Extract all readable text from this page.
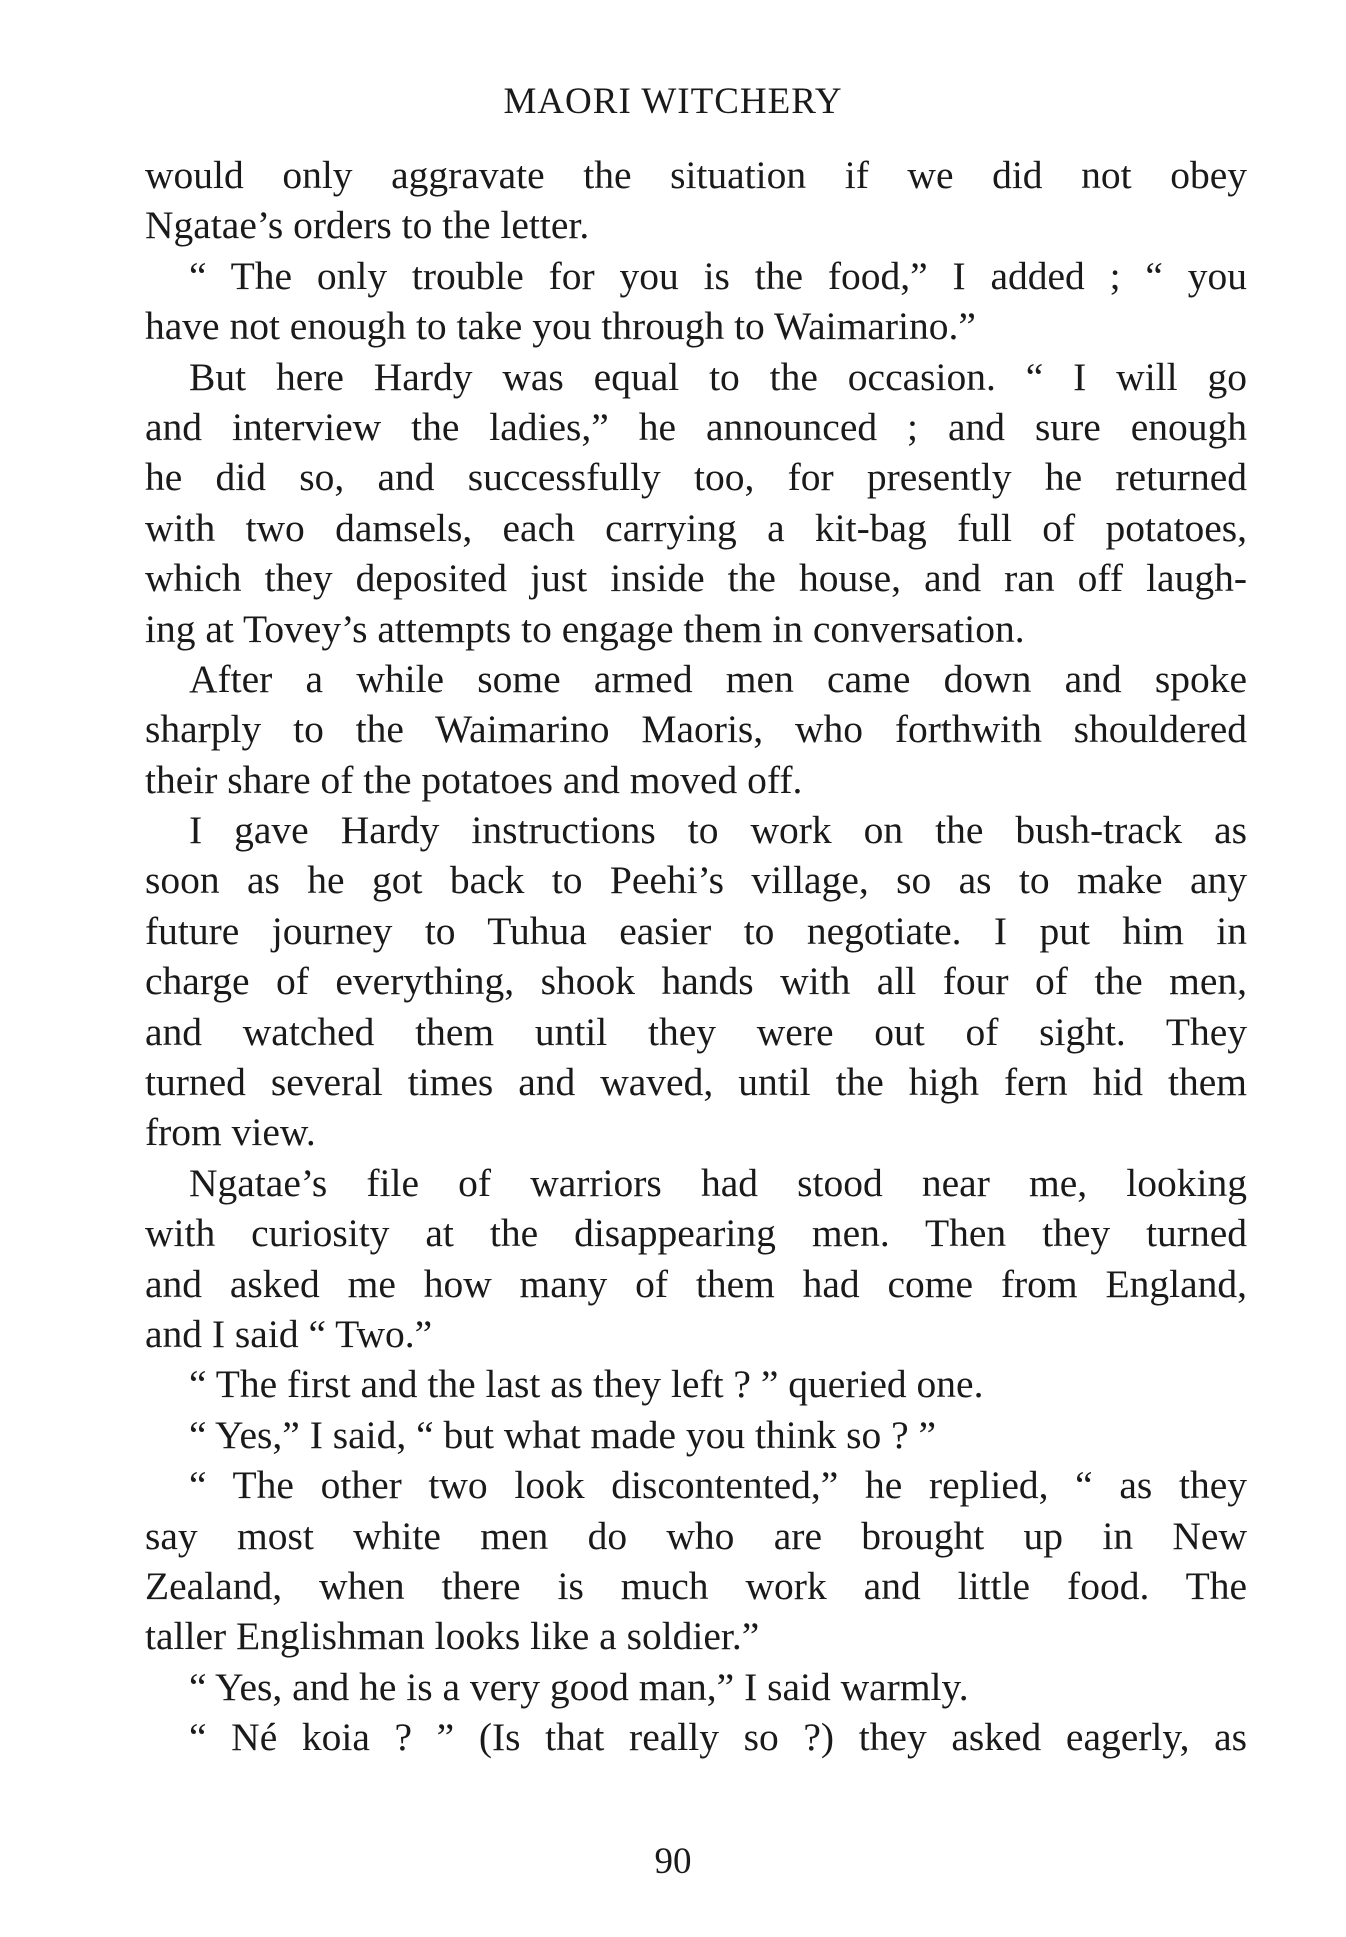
MAORI WITCHERY
would only aggravate the situation if we did not obey
Ngatae’s orders to the letter.
“ The only trouble for you is the food,” I added ; “ you
have not enough to take you through to Waimarino.”
But here Hardy was equal to the occasion. “ I will go
and interview the ladies,” he announced ; and sure enough
he did so, and successfully too, for presently he returned
with two damsels, each carrying a kit-bag full of potatoes,
which they deposited just inside the house, and ran off laugh-
ing at Tovey’s attempts to engage them in conversation.
After a while some armed men came down and spoke
sharply to the Waimarino Maoris, who forthwith shouldered
their share of the potatoes and moved off.
I gave Hardy instructions to work on the bush-track as
soon as he got back to Peehi’s village, so as to make any
future journey to Tuhua easier to negotiate. I put him in
charge of everything, shook hands with all four of the men,
and watched them until they were out of sight. They
turned several times and waved, until the high fern hid them
from view.
Ngatae’s file of warriors had stood near me, looking
with curiosity at the disappearing men. Then they turned
and asked me how many of them had come from England,
and I said “ Two.”
“ The first and the last as they left ? ” queried one.
“ Yes,” I said, “ but what made you think so ? ”
“ The other two look discontented,” he replied, “ as they
say most white men do who are brought up in New
Zealand, when there is much work and little food. The
taller Englishman looks like a soldier.”
“ Yes, and he is a very good man,” I said warmly.
“ Né koia ? ” (Is that really so ?) they asked eagerly, as
90
